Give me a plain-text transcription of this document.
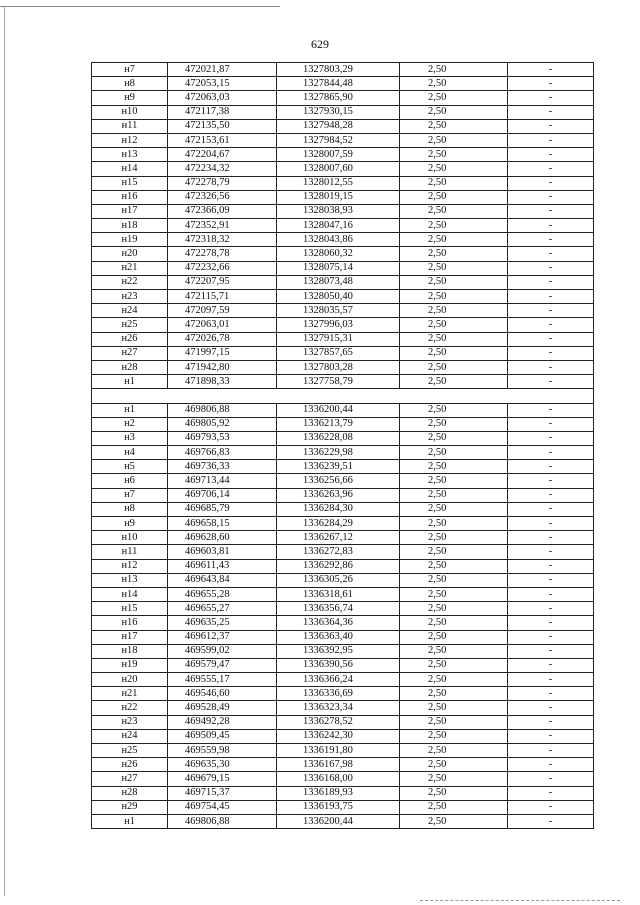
629
н7	472021,87	1327803,29	2,50	-
н8	472053,15	1327844,48	2,50	-
н9	472063,03	1327865,90	2,50	-
н10	472117,38	1327930,15	2,50	-
н11	472135,50	1327948,28	2,50	-
н12	472153,61	1327984,52	2,50	-
н13	472204,67	1328007,59	2,50	-
н14	472234,32	1328007,60	2,50	-
н15	472278,79	1328012,55	2,50	-
н16	472326,56	1328019,15	2,50	-
н17	472366,09	1328038,93	2,50	-
н18	472352,91	1328047,16	2,50	-
н19	472318,32	1328043,86	2,50	-
н20	472278,78	1328060,32	2,50	-
н21	472232,66	1328075,14	2,50	-
н22	472207,95	1328073,48	2,50	-
н23	472115,71	1328050,40	2,50	-
н24	472097,59	1328035,57	2,50	-
н25	472063,01	1327996,03	2,50	-
н26	472026,78	1327915,31	2,50	-
н27	471997,15	1327857,65	2,50	-
н28	471942,80	1327803,28	2,50	-
н1	471898,33	1327758,79	2,50	-

н1	469806,88	1336200,44	2,50	-
н2	469805,92	1336213,79	2,50	-
н3	469793,53	1336228,08	2,50	-
н4	469766,83	1336229,98	2,50	-
н5	469736,33	1336239,51	2,50	-
н6	469713,44	1336256,66	2,50	-
н7	469706,14	1336263,96	2,50	-
н8	469685,79	1336284,30	2,50	-
н9	469658,15	1336284,29	2,50	-
н10	469628,60	1336267,12	2,50	-
н11	469603,81	1336272,83	2,50	-
н12	469611,43	1336292,86	2,50	-
н13	469643,84	1336305,26	2,50	-
н14	469655,28	1336318,61	2,50	-
н15	469655,27	1336356,74	2,50	-
н16	469635,25	1336364,36	2,50	-
н17	469612,37	1336363,40	2,50	-
н18	469599,02	1336392,95	2,50	-
н19	469579,47	1336390,56	2,50	-
н20	469555,17	1336366,24	2,50	-
н21	469546,60	1336336,69	2,50	-
н22	469528,49	1336323,34	2,50	-
н23	469492,28	1336278,52	2,50	-
н24	469509,45	1336242,30	2,50	-
н25	469559,98	1336191,80	2,50	-
н26	469635,30	1336167,98	2,50	-
н27	469679,15	1336168,00	2,50	-
н28	469715,37	1336189,93	2,50	-
н29	469754,45	1336193,75	2,50	-
н1	469806,88	1336200,44	2,50	-
